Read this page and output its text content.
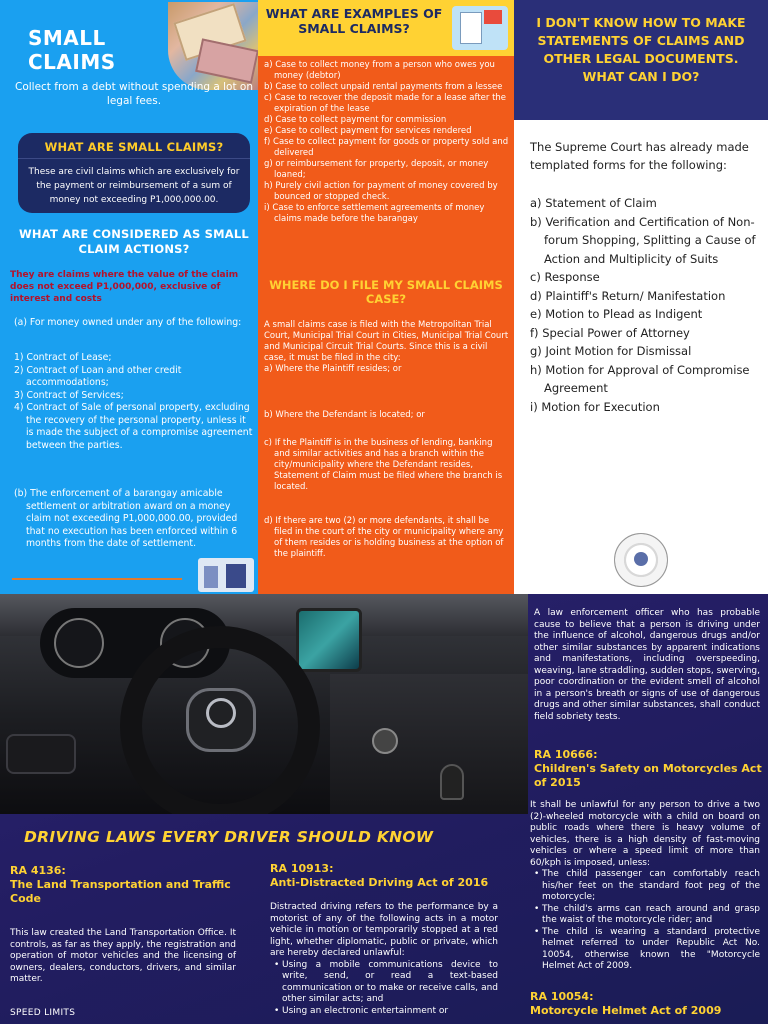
SMALL CLAIMS
Collect from a debt without spending a lot on legal fees.
WHAT ARE SMALL CLAIMS?
These are civil claims which are exclusively for the payment or reimbursement of a sum of money not exceeding P1,000,000.00.
WHAT ARE CONSIDERED AS SMALL CLAIM ACTIONS?
They are claims where the value of the claim does not exceed P1,000,000, exclusive of interest and costs

(a) For money owned under any of the following:

1) Contract of Lease;

2) Contract of Loan and other credit accommodations;

3) Contract of Services;

4) Contract of Sale of personal property, excluding the recovery of the personal property, unless it is made the subject of a compromise agreement between the parties.

(b) The enforcement of a barangay amicable settlement or arbitration award on a money claim not exceeding P1,000,000.00, provided that no execution has been enforced within 6 months from the date of settlement.

WHAT ARE EXAMPLES OF SMALL CLAIMS?

a) Case to collect money from a person who owes you money (debtor)

b) Case to collect unpaid rental payments from a lessee

c) Case to recover the deposit made for a lease after the expiration of the lease

d) Case to collect payment for commission

e) Case to collect payment for services rendered

f) Case to collect payment for goods or property sold and delivered

g) or reimbursement for property, deposit, or money loaned;

h) Purely civil action for payment of money covered by bounced or stopped check.

i) Case to enforce settlement agreements of money claims made before the barangay

WHERE DO I FILE MY SMALL CLAIMS CASE?

A small claims case is filed with the Metropolitan Trial Court, Municipal Trial Court in Cities, Municipal Trial Court and Municipal Circuit Trial Courts. Since this is a civil case, it must be filed in the city:

a) Where the Plaintiff resides; or

b) Where the Defendant is located; or

c) If the Plaintiff is in the business of lending, banking and similar activities and has a branch within the city/municipality where the Defendant resides, Statement of Claim must be filed where the branch is located.

d) If there are two (2) or more defendants, it shall be filed in the court of the city or municipality where any of them resides or is holding business at the option of the plaintiff.

I DON'T KNOW HOW TO MAKE STATEMENTS OF CLAIMS AND OTHER LEGAL DOCUMENTS. WHAT CAN I DO?
The Supreme Court has already made templated forms for the following:

a) Statement of Claim

b) Verification and Certification of Non-forum Shopping, Splitting a Cause of Action and Multiplicity of Suits

c) Response

d) Plaintiff's Return/ Manifestation

e) Motion to Plead as Indigent

f) Special Power of Attorney

g) Joint Motion for Dismissal

h) Motion for Approval of Compromise Agreement

i) Motion for Execution

DRIVING LAWS EVERY DRIVER SHOULD KNOW
RA 4136:
The Land Transportation and Traffic Code
This law created the Land Transportation Office. It controls, as far as they apply, the registration and operation of motor vehicles and the licensing of owners, dealers, conductors, drivers, and similar matter.
SPEED LIMITS
RA 10913:
Anti-Distracted Driving Act of 2016

Distracted driving refers to the performance by a motorist of any of the following acts in a motor vehicle in motion or temporarily stopped at a red light, whether diplomatic, public or private, which are hereby declared unlawful:

• Using a mobile communications device to write, send, or read a text-based communication or to make or receive calls, and other similar acts; and
• Using an electronic entertainment or
A law enforcement officer who has probable cause to believe that a person is driving under the influence of alcohol, dangerous drugs and/or other similar substances by apparent indications and manifestations, including overspeeding, weaving, lane straddling, sudden stops, swerving, poor coordination or the evident smell of alcohol in a person's breath or signs of use of dangerous drugs and other similar substances, shall conduct field sobriety tests.
RA 10666:
Children's Safety on Motorcycles Act of 2015

It shall be unlawful for any person to drive a two (2)-wheeled motorcycle with a child on board on public roads where there is heavy volume of vehicles, there is a high density of fast-moving vehicles or where a speed limit of more than 60/kph is imposed, unless:

• The child passenger can comfortably reach his/her feet on the standard foot peg of the motorcycle;
• The child's arms can reach around and grasp the waist of the motorcycle rider; and
• The child is wearing a standard protective helmet referred to under Republic Act No. 10054, otherwise known the "Motorcycle Helmet Act of 2009.
RA 10054:
Motorcycle Helmet Act of 2009
